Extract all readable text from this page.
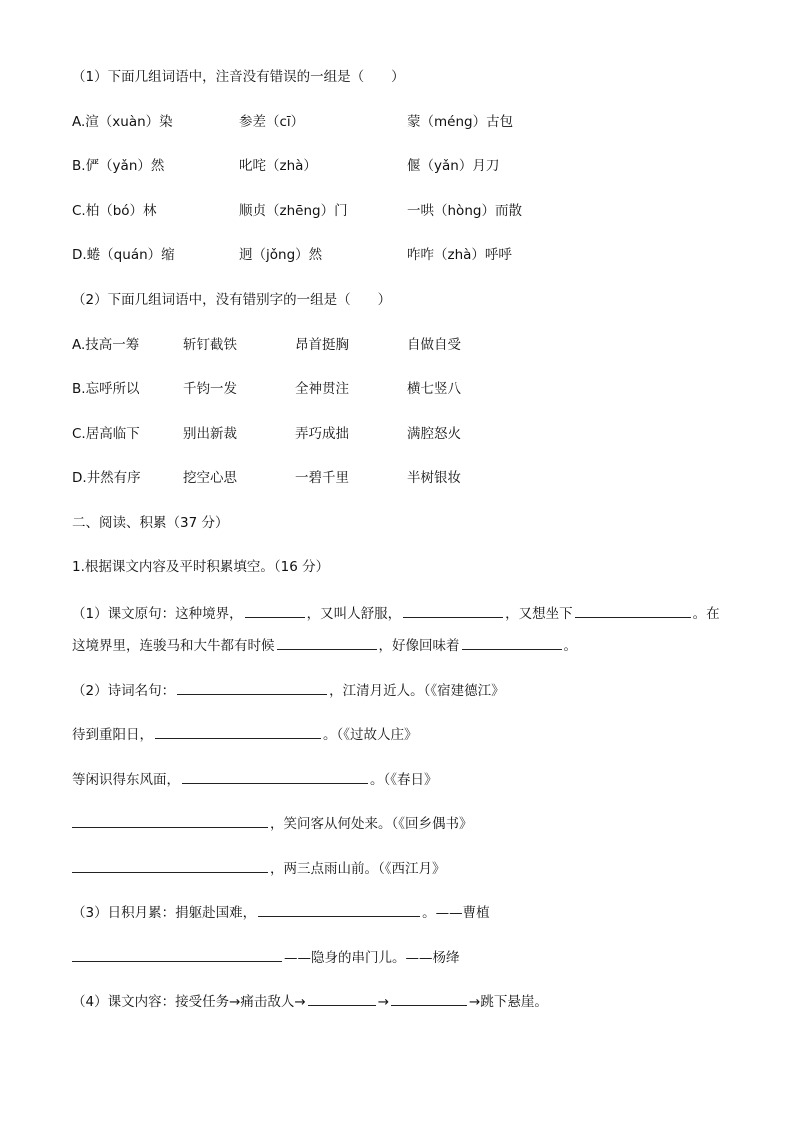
（1）下面几组词语中，注音没有错误的一组是（　　）
A.渲（xuàn）染	参差（cī）	蒙（méng）古包
B.俨（yǎn）然	叱咤（zhà）	偃（yǎn）月刀
C.柏（bó）林	顺贞（zhēng）门	一哄（hòng）而散
D.蜷（quán）缩	迥（jǒng）然	咋咋（zhà）呼呼
（2）下面几组词语中，没有错别字的一组是（　　）
A.技高一筹	斩钉截铁	昂首挺胸	自做自受
B.忘呼所以	千钧一发	全神贯注	横七竖八
C.居高临下	别出新裁	弄巧成拙	满腔怒火
D.井然有序	挖空心思	一碧千里	半树银妆
二、阅读、积累（37 分）
1.根据课文内容及平时积累填空。（16 分）
（1）课文原句：这种境界，	，又叫人舒服，	，又想坐下	。在
这境界里，连骏马和大牛都有时候	，好像回味着	。
（2）诗词名句：	，江清月近人。（《宿建德江》
待到重阳日，	。（《过故人庄》
等闲识得东风面，	。（《春日》
，笑问客从何处来。（《回乡偶书》
，两三点雨山前。（《西江月》
（3）日积月累：捐躯赴国难，	。——曹植
——隐身的串门儿。——杨绛
（4）课文内容：接受任务→痛击敌人→	→	→跳下悬崖。
